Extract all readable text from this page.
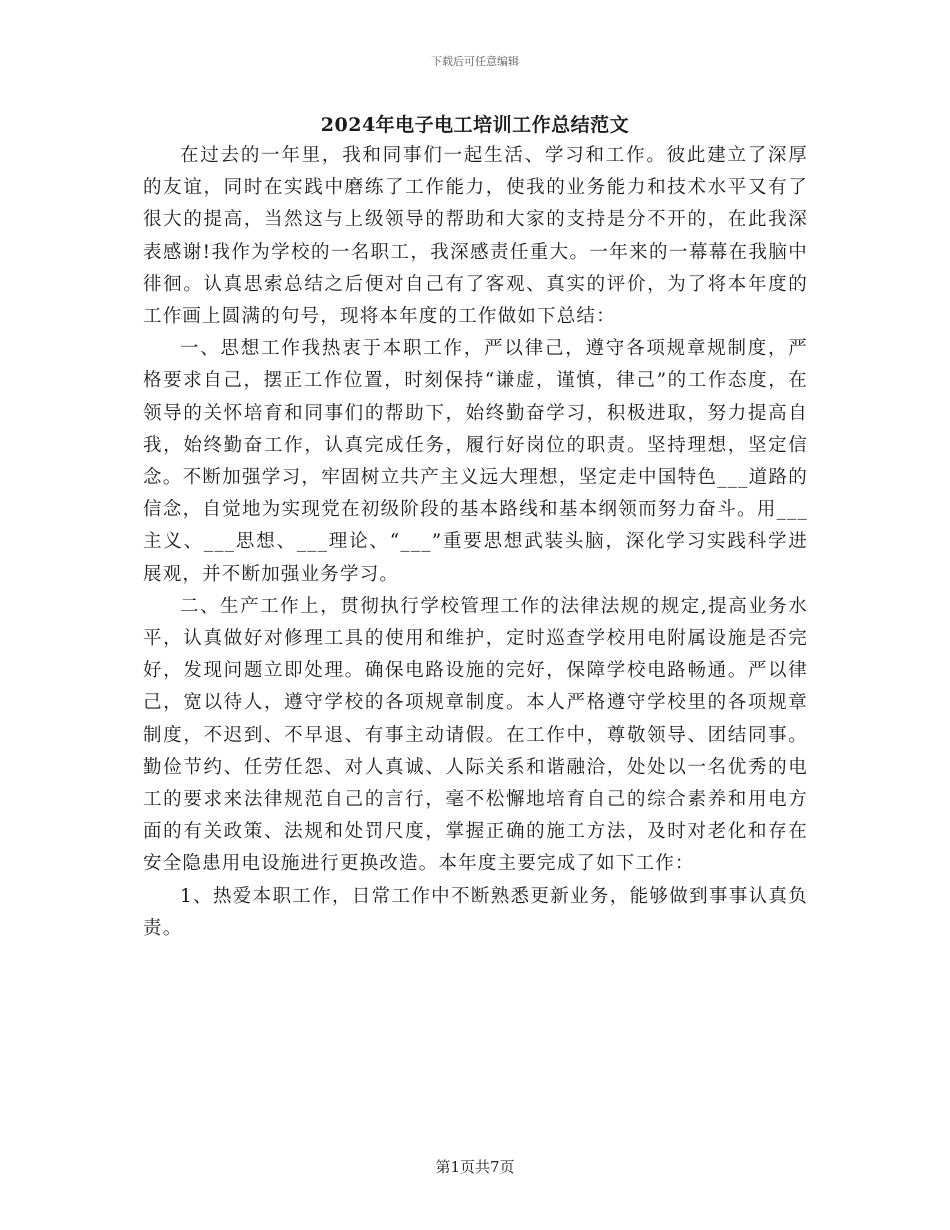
下载后可任意编辑
2024年电子电工培训工作总结范文

在过去的一年里，我和同事们一起生活、学习和工作。彼此建立了深厚的友谊，同时在实践中磨练了工作能力，使我的业务能力和技术水平又有了很大的提高，当然这与上级领导的帮助和大家的支持是分不开的，在此我深表感谢!我作为学校的一名职工，我深感责任重大。一年来的一幕幕在我脑中徘徊。认真思索总结之后便对自己有了客观、真实的评价，为了将本年度的工作画上圆满的句号，现将本年度的工作做如下总结：

一、思想工作我热衷于本职工作，严以律己，遵守各项规章规制度，严格要求自己，摆正工作位置，时刻保持“谦虚，谨慎，律己”的工作态度，在领导的关怀培育和同事们的帮助下，始终勤奋学习，积极进取，努力提高自我，始终勤奋工作，认真完成任务，履行好岗位的职责。坚持理想，坚定信念。不断加强学习，牢固树立共产主义远大理想，坚定走中国特色___道路的信念，自觉地为实现党在初级阶段的基本路线和基本纲领而努力奋斗。用___主义、___思想、___理论、“___”重要思想武装头脑，深化学习实践科学进展观，并不断加强业务学习。

二、生产工作上，贯彻执行学校管理工作的法律法规的规定,提高业务水平，认真做好对修理工具的使用和维护，定时巡查学校用电附属设施是否完好，发现问题立即处理。确保电路设施的完好，保障学校电路畅通。严以律己，宽以待人，遵守学校的各项规章制度。本人严格遵守学校里的各项规章制度，不迟到、不早退、有事主动请假。在工作中，尊敬领导、团结同事。勤俭节约、任劳任怨、对人真诚、人际关系和谐融洽，处处以一名优秀的电工的要求来法律规范自己的言行，毫不松懈地培育自己的综合素养和用电方面的有关政策、法规和处罚尺度，掌握正确的施工方法，及时对老化和存在安全隐患用电设施进行更换改造。本年度主要完成了如下工作：

1、热爱本职工作，日常工作中不断熟悉更新业务，能够做到事事认真负责。

第1页共7页
